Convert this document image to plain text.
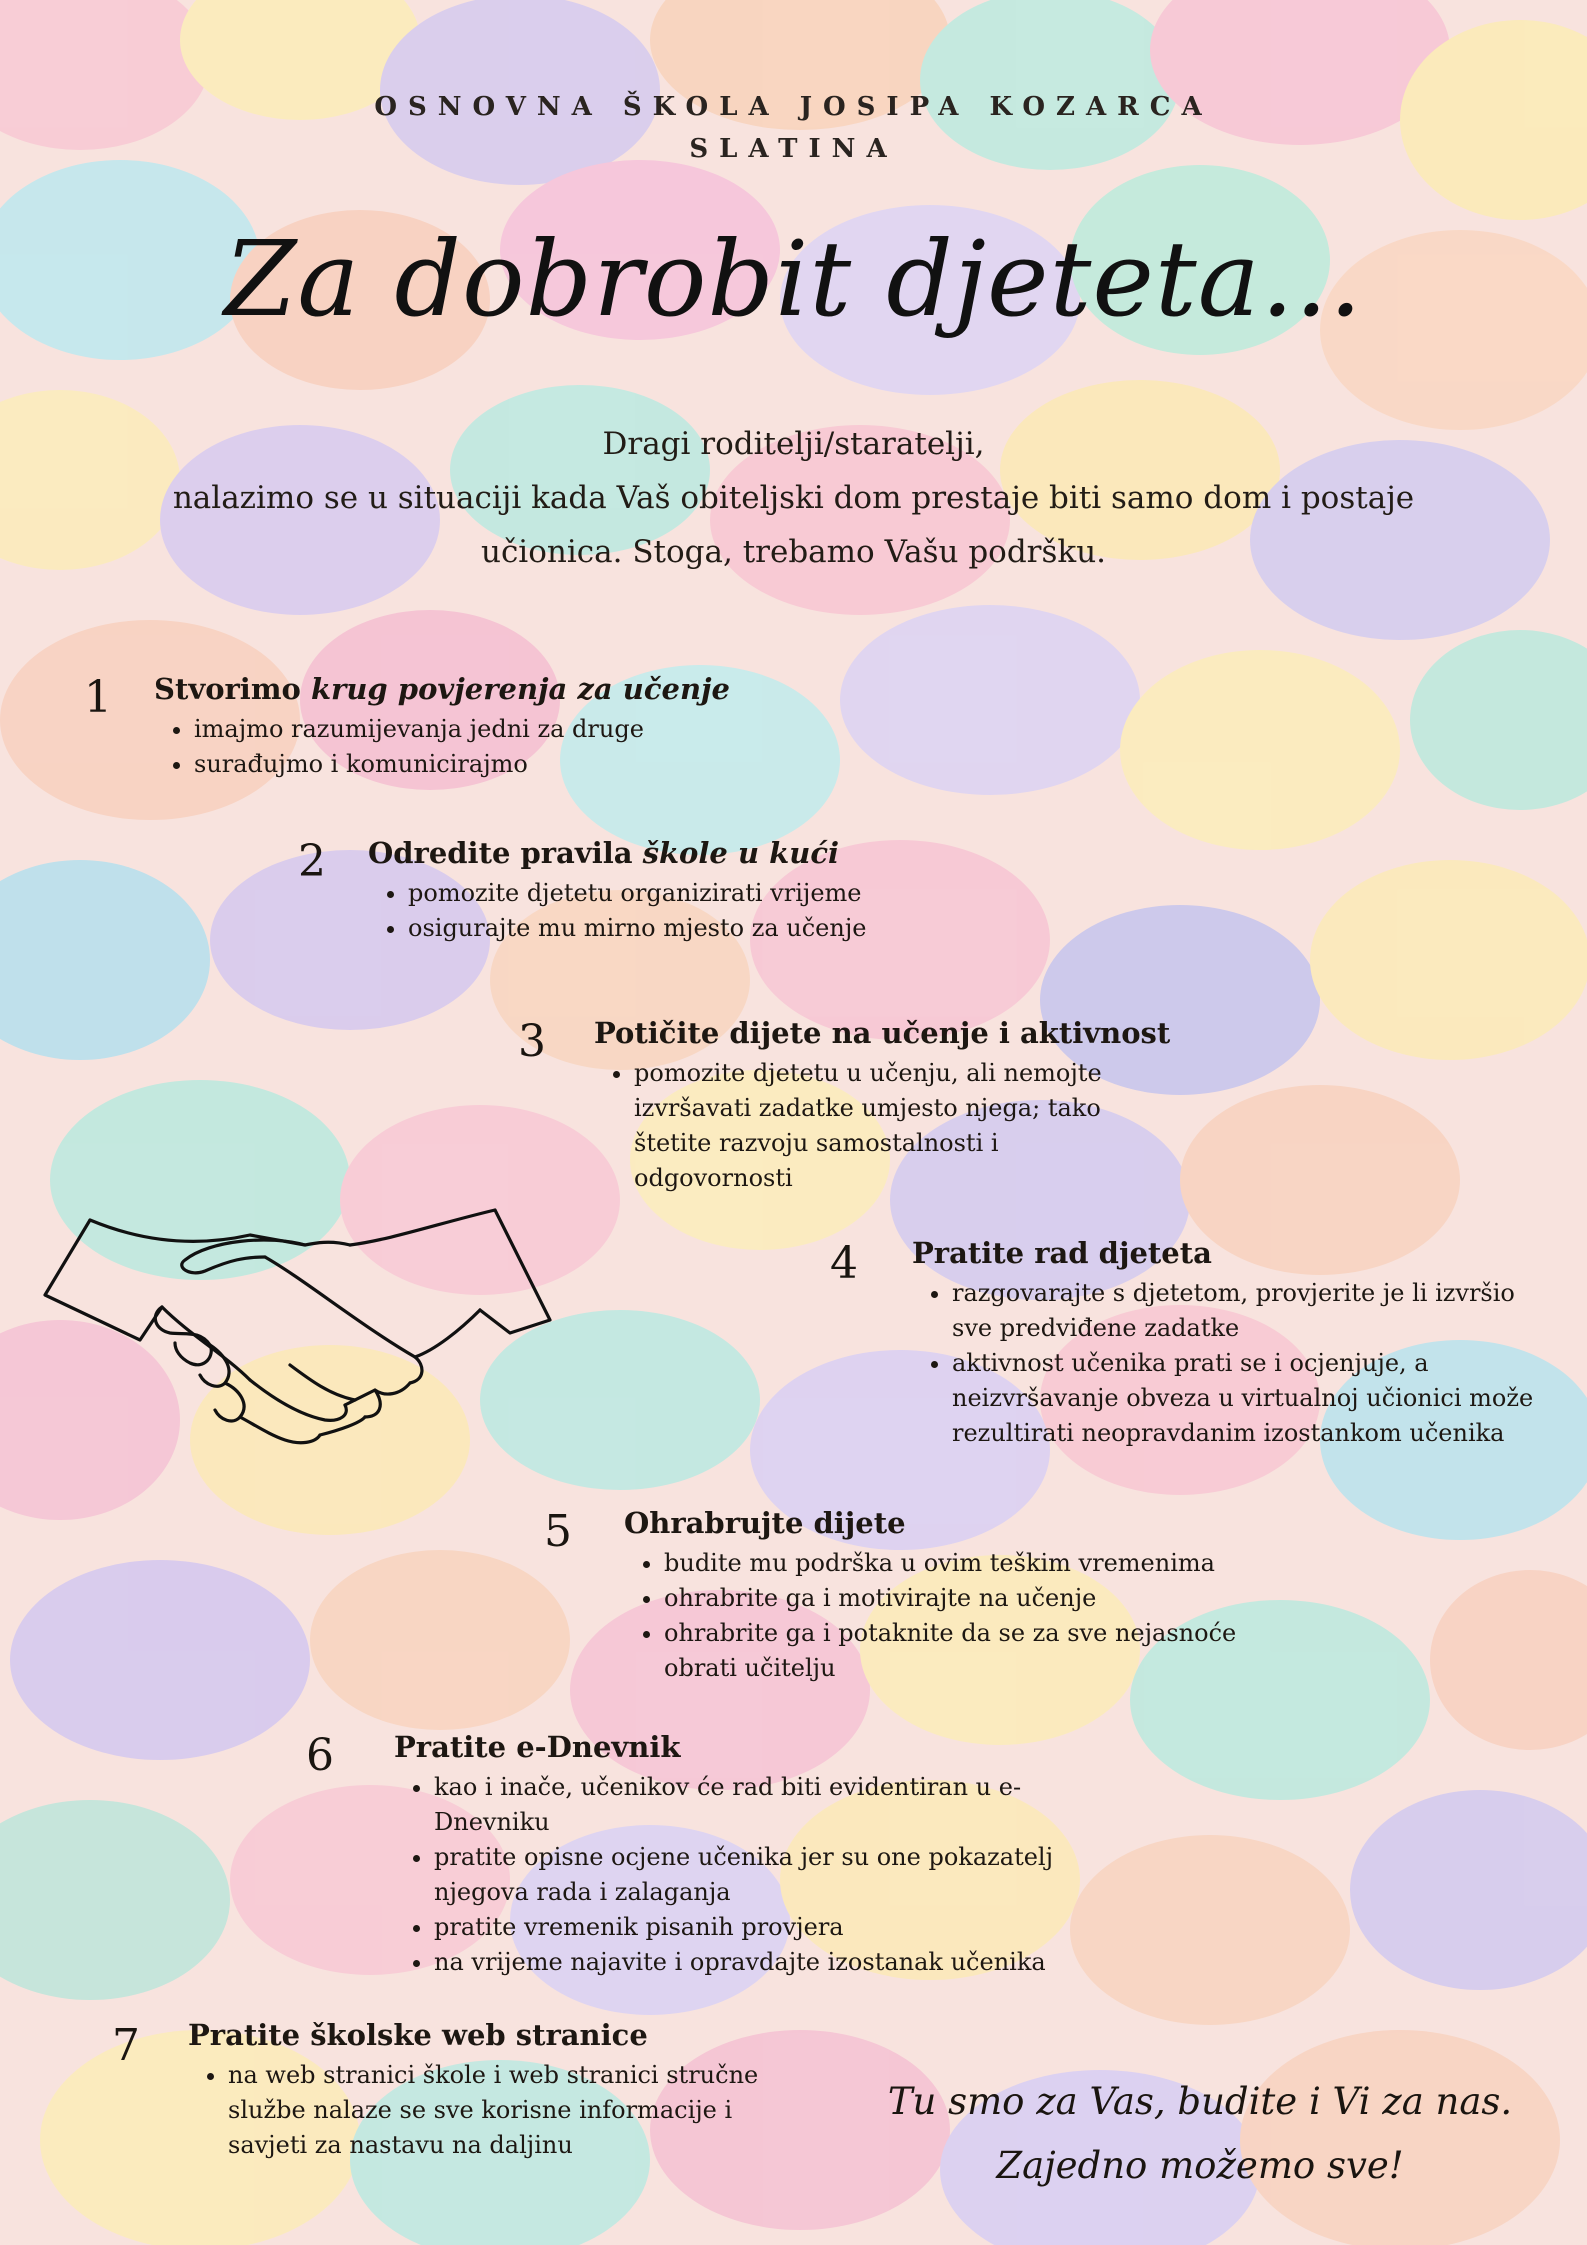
OSNOVNA ŠKOLA JOSIPA KOZARCA
SLATINA
Za dobrobit djeteta...
Dragi roditelji/staratelji,
nalazimo se u situaciji kada Vaš obiteljski dom prestaje biti samo dom i postaje
učionica. Stoga, trebamo Vašu podršku.
1 Stvorimo krug povjerenja za učenje
• imajmo razumijevanja jedni za druge
• surađujmo i komunicirajmo
2 Odredite pravila škole u kući
• pomozite djetetu organizirati vrijeme
• osigurajte mu mirno mjesto za učenje
3 Potičite dijete na učenje i aktivnost
• pomozite djetetu u učenju, ali nemojte izvršavati zadatke umjesto njega; tako štetite razvoju samostalnosti i odgovornosti
4 Pratite rad djeteta
• razgovarajte s djetetom, provjerite je li izvršio sve predviđene zadatke
• aktivnost učenika prati se i ocjenjuje, a neizvršavanje obveza u virtualnoj učionici može rezultirati neopravdanim izostankom učenika
5 Ohrabrujte dijete
• budite mu podrška u ovim teškim vremenima
• ohrabrite ga i motivirajte na učenje
• ohrabrite ga i potaknite da se za sve nejasnoće obrati učitelju
6 Pratite e-Dnevnik
• kao i inače, učenikov će rad biti evidentiran u e-Dnevniku
• pratite opisne ocjene učenika jer su one pokazatelj njegova rada i zalaganja
• pratite vremenik pisanih provjera
• na vrijeme najavite i opravdajte izostanak učenika
7 Pratite školske web stranice
• na web stranici škole i web stranici stručne službe nalaze se sve korisne informacije i savjeti za nastavu na daljinu
Tu smo za Vas, budite i Vi za nas.
Zajedno možemo sve!
